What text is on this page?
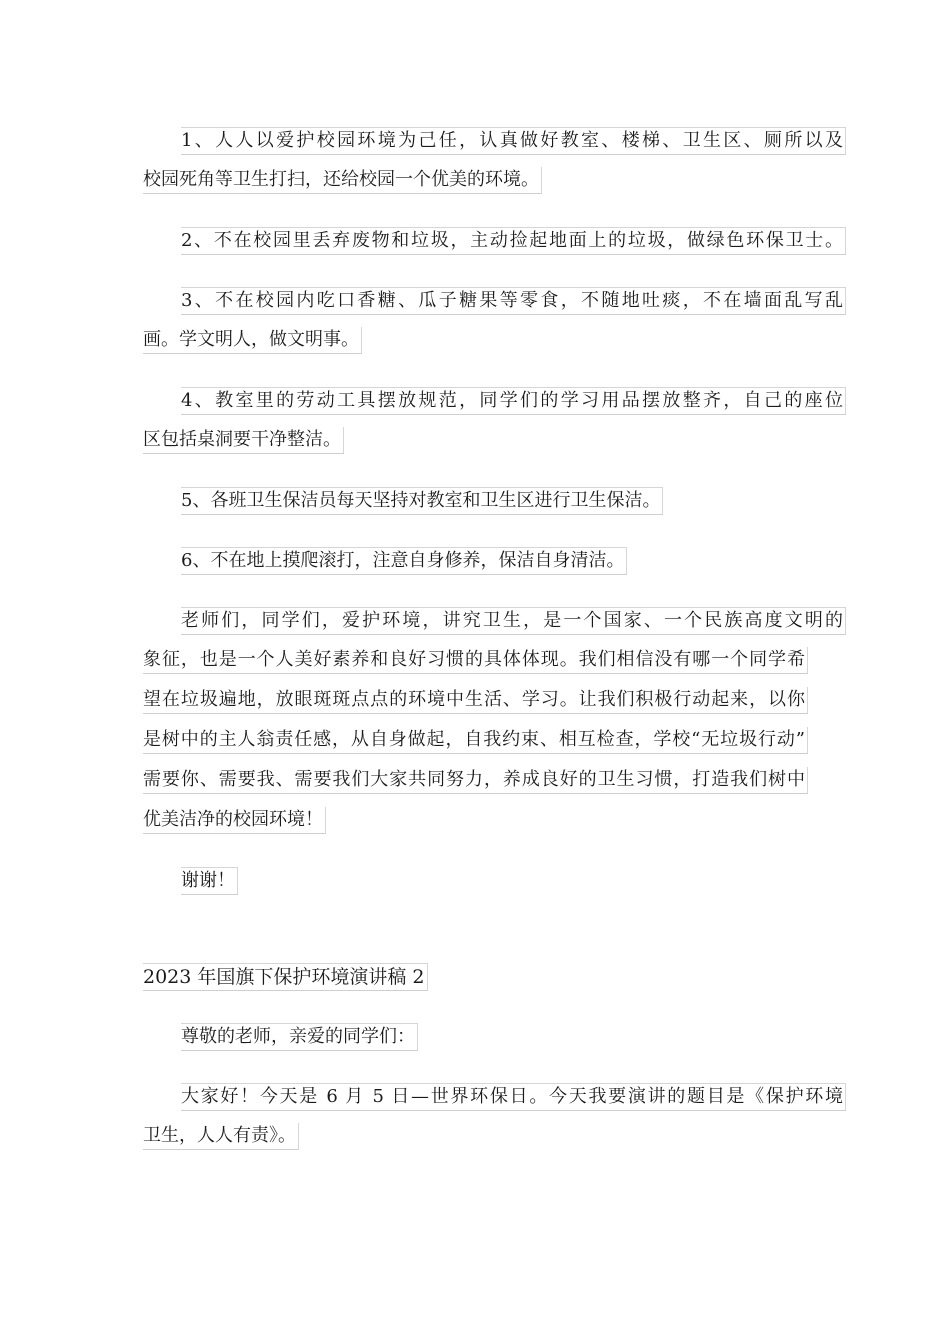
1、人人以爱护校园环境为己任，认真做好教室、楼梯、卫生区、厕所以及
校园死角等卫生打扫，还给校园一个优美的环境。
2、不在校园里丢弃废物和垃圾，主动捡起地面上的垃圾，做绿色环保卫士。
3、不在校园内吃口香糖、瓜子糖果等零食，不随地吐痰，不在墙面乱写乱
画。学文明人，做文明事。
4、教室里的劳动工具摆放规范，同学们的学习用品摆放整齐，自己的座位
区包括桌洞要干净整洁。
5、各班卫生保洁员每天坚持对教室和卫生区进行卫生保洁。
6、不在地上摸爬滚打，注意自身修养，保洁自身清洁。
老师们，同学们，爱护环境，讲究卫生，是一个国家、一个民族高度文明的
象征，也是一个人美好素养和良好习惯的具体体现。我们相信没有哪一个同学希
望在垃圾遍地，放眼斑斑点点的环境中生活、学习。让我们积极行动起来，以你
是树中的主人翁责任感，从自身做起，自我约束、相互检查，学校“无垃圾行动”
需要你、需要我、需要我们大家共同努力，养成良好的卫生习惯，打造我们树中
优美洁净的校园环境！
谢谢！
2023 年国旗下保护环境演讲稿 2
尊敬的老师，亲爱的同学们：
大家好！今天是 6 月 5 日—世界环保日。今天我要演讲的题目是《保护环境
卫生，人人有责》。
